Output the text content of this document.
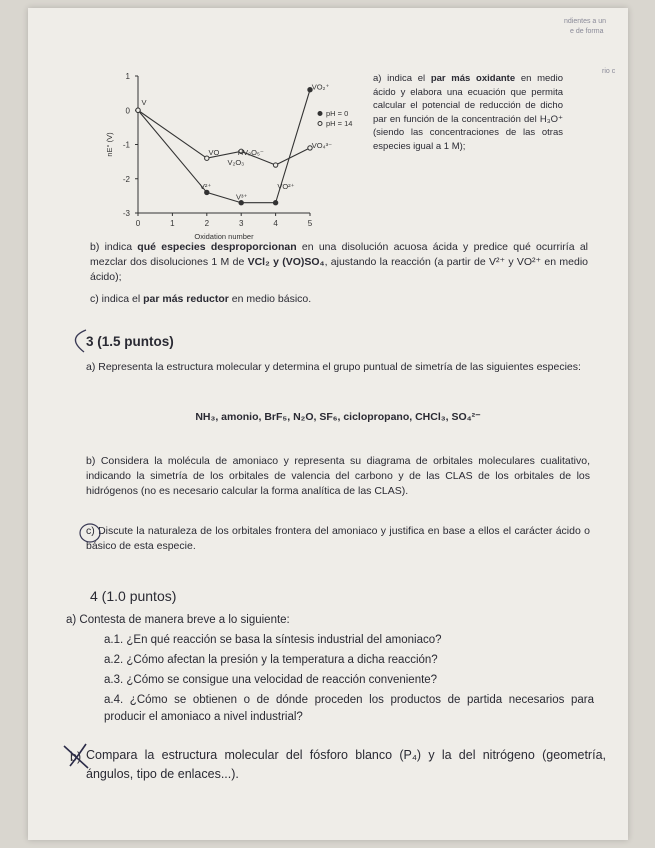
ndientes a un
e de forma
rio c
0	1	2	3	4	5
1
0
-1
-2
-3
Oxidation number
nE° (V)
V
VO HV₂O₅⁻
V₂O₃
V²⁺
V³⁺
VO²⁺
VO₂⁺
VO₄³⁻
pH = 0
pH = 14
a) indica el par más oxidante en medio ácido y elabora una ecuación que permita calcular el potencial de reducción de dicho par en función de la concentración del H₃O⁺ (siendo las concentraciones de las otras especies igual a 1 M);
b) indica qué especies desproporcionan en una disolución acuosa ácida y predice qué ocurriría al mezclar dos disoluciones 1 M de VCl₂ y (VO)SO₄, ajustando la reacción (a partir de V²⁺ y VO²⁺ en medio ácido);
c) indica el par más reductor en medio básico.
3 (1.5 puntos)
a) Representa la estructura molecular y determina el grupo puntual de simetría de las siguientes especies:
NH₃, amonio, BrF₅, N₂O, SF₆, ciclopropano, CHCl₃, SO₄²⁻
b) Considera la molécula de amoniaco y representa su diagrama de orbitales moleculares cualitativo, indicando la simetría de los orbitales de valencia del carbono y de las CLAS de los orbitales de los hidrógenos (no es necesario calcular la forma analítica de las CLAS).
c) Discute la naturaleza de los orbitales frontera del amoniaco y justifica en base a ellos el carácter ácido o básico de esta especie.
4 (1.0 puntos)
a) Contesta de manera breve a lo siguiente:
a.1. ¿En qué reacción se basa la síntesis industrial del amoniaco?
a.2. ¿Cómo afectan la presión y la temperatura a dicha reacción?
a.3. ¿Cómo se consigue una velocidad de reacción conveniente?
a.4. ¿Cómo se obtienen o de dónde proceden los productos de partida necesarios para producir el amoniaco a nivel industrial?
b) Compara la estructura molecular del fósforo blanco (P₄) y la del nitrógeno (geometría, ángulos, tipo de enlaces...).
